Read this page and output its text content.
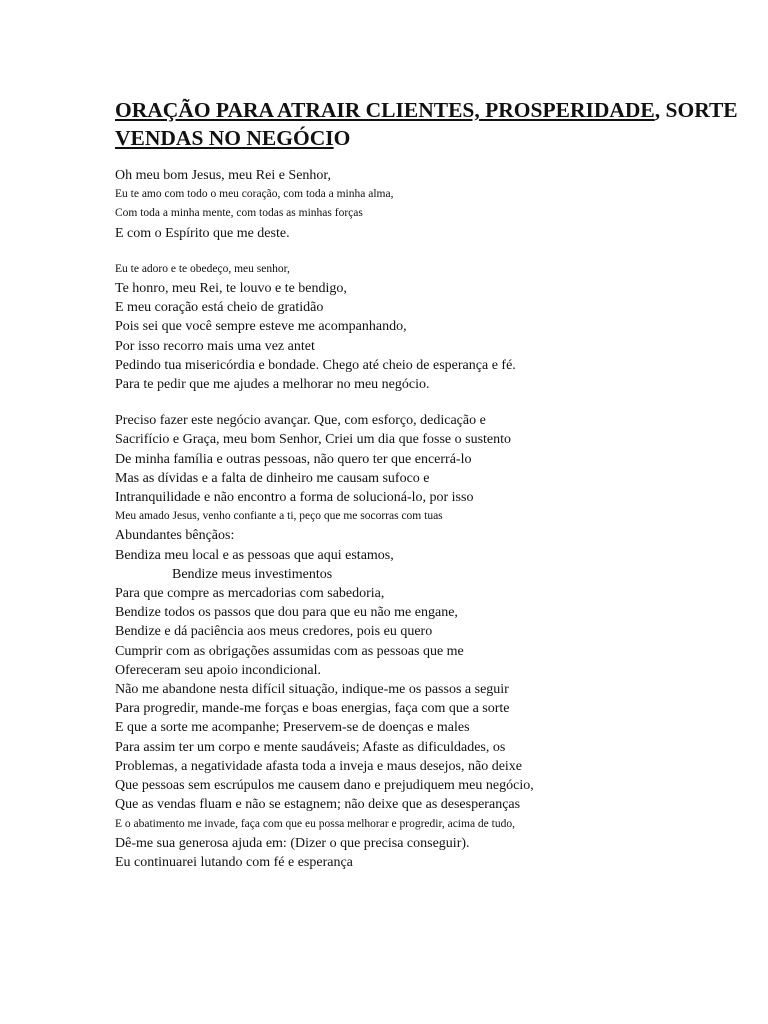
ORAÇÃO PARA ATRAIR CLIENTES, PROSPERIDADE, SORTE
VENDAS NO NEGÓCIO
Oh meu bom Jesus, meu Rei e Senhor,
Eu te amo com todo o meu coração, com toda a minha alma,
Com toda a minha mente, com todas as minhas forças
E com o Espírito que me deste.
Eu te adoro e te obedeço, meu senhor,
Te honro, meu Rei, te louvo e te bendigo,
E meu coração está cheio de gratidão
Pois sei que você sempre esteve me acompanhando,
Por isso recorro mais uma vez antet
Pedindo tua misericórdia e bondade. Chego até cheio de esperança e fé.
Para te pedir que me ajudes a melhorar no meu negócio.
Preciso fazer este negócio avançar. Que, com esforço, dedicação e
Sacrifício e Graça, meu bom Senhor, Criei um dia que fosse o sustento
De minha família e outras pessoas, não quero ter que encerrá-lo
Mas as dívidas e a falta de dinheiro me causam sufoco e
Intranquilidade e não encontro a forma de solucioná-lo, por isso
Meu amado Jesus, venho confiante a ti, peço que me socorras com tuas
Abundantes bênçãos:
Bendiza meu local e as pessoas que aqui estamos,
Bendize meus investimentos
Para que compre as mercadorias com sabedoria,
Bendize todos os passos que dou para que eu não me engane,
Bendize e dá paciência aos meus credores, pois eu quero
Cumprir com as obrigações assumidas com as pessoas que me
Ofereceram seu apoio incondicional.
Não me abandone nesta difícil situação, indique-me os passos a seguir
Para progredir, mande-me forças e boas energias, faça com que a sorte
E que a sorte me acompanhe; Preservem-se de doenças e males
Para assim ter um corpo e mente saudáveis; Afaste as dificuldades, os
Problemas, a negatividade afasta toda a inveja e maus desejos, não deixe
Que pessoas sem escrúpulos me causem dano e prejudiquem meu negócio,
Que as vendas fluam e não se estagnem; não deixe que as desesperanças
E o abatimento me invade, faça com que eu possa melhorar e progredir, acima de tudo,
Dê-me sua generosa ajuda em: (Dizer o que precisa conseguir).
Eu continuarei lutando com fé e esperança
